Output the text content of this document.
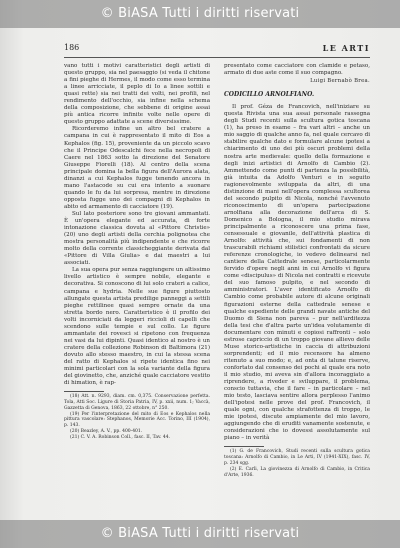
© BiASA Tutti i diritti riservati
186	LE ARTI

vano tutti i motivi caratteristici degli artisti di questo gruppo, sia nel paesaggio (si veda il chitone a fini pieghe di Hermes, il modo come esso termina a linee arricciate, il peplo di Io a linee sottili e quasi rette) sia nei tratti dei volti, nei profili, nel rendimento dell'occhio, sia infine nella schema della composizione, che sebbene di origine assai più antica ricorre infinite volte nelle opere di questo gruppo adattate a scene diversissime.

Ricorderemo infine un altro bel cratere a campana in cui è rappresentato il mito di Eos a Kephalos (fig. 15), proveniente da un piccolo scavo che il Principe Odescalchi fece nella necropoli di Caere nel 1863 sotto la direzione del Senatore Giuseppe Fiorelli (18). Al centro della scena principale domina la bella figura dell'Aurora alata, dinanzi a cui Kephalos fugge tenendo ancora in mano l'astacode su cui era intento a suonare quando le fu da lui sorpresa, mentre in direzione opposta fugge uno dei compagni di Kephalos in abito ed armamento di cacciatore (19).

Sul lato posteriore sono tre giovani ammantati. È un'opera elegante ed accurata, di forte intonazione classica dovuta al «Pittore Christie» (20) uno degli artisti della cerchia polignotea che mostra personalità più indipendente e che ricorre molto della corrente classicheggiante derivata dal «Pittore di Villa Giulia» e dai maestri a lui associati.

La sua opera pur senza raggiungere un altissimo livello artistico è sempre nobile, elegante e decorativa. Si conoscono di lui solo crateri a calice, campana e hydria. Nelle sue figure piuttosto allungate questa artista predilige panneggi a settili pieghe rettilinee quasi sempre ornate da una stretta bordo nero. Caratteristico è il profilo dei volti incorniciati da leggeri riccioli di capelli che scendono sulle tempie e sul collo. Le figure ammantate dei rovesci si ripetono con frequenza nei vasi da lui dipinti. Quasi identico al nostro è un cratere della collezione Robinson di Baltimora (21) dovuto allo stesso maestro, in cui la stessa scena del ratto di Kephalos si ripete identica fino nei minimi particolari con la sola variante della figura del giovinetto, che, anziché quale cacciatore vestito di himation, è rap-

(18) Att. n. 9293, diam. cm. 0,375. Conservazione perfetta. Tola, Atti Soc. Ligure di Storia Patria, IV, p. xxii, num. 1; Vaccà, Gazzetta di Genova, 1863, 22 ottobre, n° 250.
(19) Per l'interpretazione del mito di Eos e Kephalos nella pittura vascolare: Stephanos, Memorie Acc. Torino, III (1904), p. 143.
(20) Beazley, A. V., pp. 400-401.
(21) C. V. A. Robinson Coll., fasc. II, Tav. 44.

presentato come cacciatore con clamide e petaso, armato di due aste come il suo compagno.

Luigi Bernabò Brea.
CODICILLO ARNOLFIANO.

Il prof. Géza de Francovich, nell'iniziare su questa Rivista una sua assai personale rassegna degli Studi recenti sulla scultura gotica toscana (1), ha preso in esame – fra vari altri – anche un mio saggio di qualche anno fa, nel quale cercavo di stabilire qualche dato e formulare alcune ipotesi a chiarimento di uno dei più oscuri problemi della nostra arte medievale: quello della formazione e degli inizi artistici di Arnolfo di Cambio (2). Ammettendo come punti di partenza la possibilità, già intuita da Adolfo Venturi e in seguito ragionevolmente sviluppata da altri, di una distinzione di mani nell'opera complessa scultorea del secondo pulpito di Nicola, nonché l'avvenuto riconoscimento di un'opera partecipazione arnolfiana alla decorazione dell'arca di S. Domenico a Bologna, il mio studio mirava principalmente a riconoscere una prima fase, censessuale e giovanile, dell'attività plastica di Arnolfo: attività che, sui fondamenti di non trascurabili richiami stilistici confrontati da sicure referenze cronologiche, io vedevo delinearsi nel cantiere della Cattedrale senese, particolarmente fervido d'opere negli anni in cui Arnolfo vi figura come «discipulus» di Nicola nei contratti e ricevute del suo famoso pulpito, e nel secondo di amministratori. L'aver identificato Arnolfo di Cambio come probabile autore di alcune originali figurazioni esterne della cattedrale senese e qualche espediente delle grandi navate antiche del Duomo di Siena non pareva – pur nell'arditezza della tesi che d'altra parte un'idea volutamente di documentare con minuti e copiosi raffronti – solo estrose capriccio di un troppo giovane allievo delle Muse storico-artistiche in caccia di attribuzioni sorprendenti; ed il mio recensore ha almeno ritenuto a suo modo; e, ad onta di talune riserve, confortato dal consenso dei pochi al quale era noto il mio studio, mi aveva sin d'allora incoraggiato a riprendere, a riveder e sviluppare, il problema, conscio tuttavia, che il fare – in particolare – nel mio testo, lasciava sentire allora perplesso l'animo dell'ipotesi nelle prove del prof. Francovich, il quale ogni, con qualche strafottenza di troppo, le mie ipotesi, discute ampiamente del mio lavoro, aggiungendo che di eruditi vanamente sostenute, e considerazioni che io dovessi assolutamente sul piano – in verità

(1) G. de Francovich, Studi recenti sulla scultura gotica toscana: Arnolfo di Cambio, in Le Arti, IV (1941-XIX), fasc. IV, p. 234 sgg.
(2) E. Carli, La giovinezza di Arnolfo di Cambio, in Critica d'Arte, 1936.
© BiASA Tutti i diritti riservati
